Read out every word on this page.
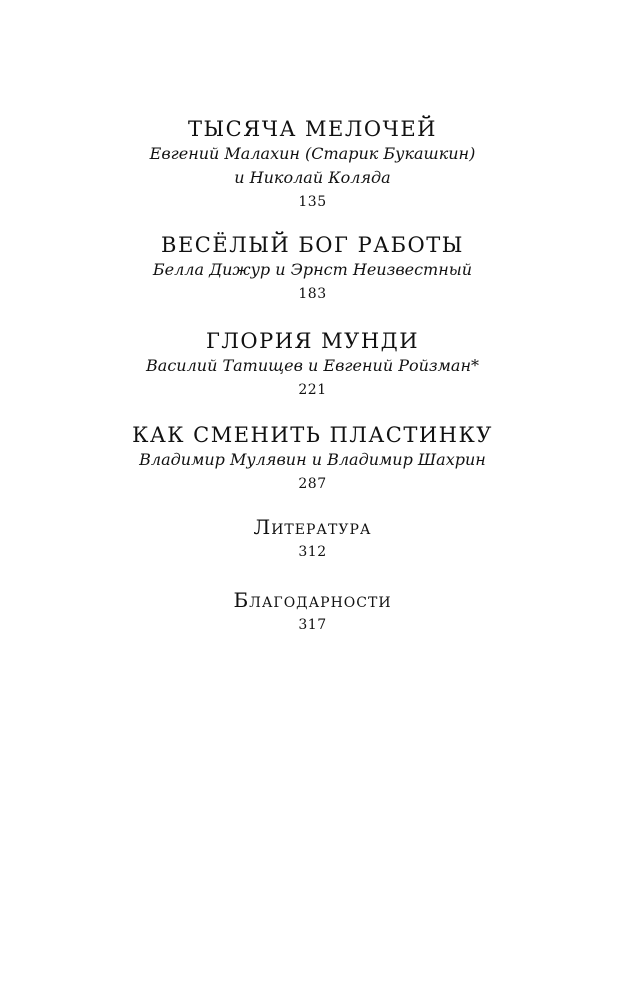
ТЫСЯЧА МЕЛОЧЕЙ
Евгений Малахин (Старик Букашкин)
и Николай Коляда
135
ВЕСЁЛЫЙ БОГ РАБОТЫ
Белла Дижур и Эрнст Неизвестный
183
ГЛОРИЯ МУНДИ
Василий Татищев и Евгений Ройзман*
221
КАК СМЕНИТЬ ПЛАСТИНКУ
Владимир Мулявин и Владимир Шахрин
287
Литература
312
Благодарности
317
